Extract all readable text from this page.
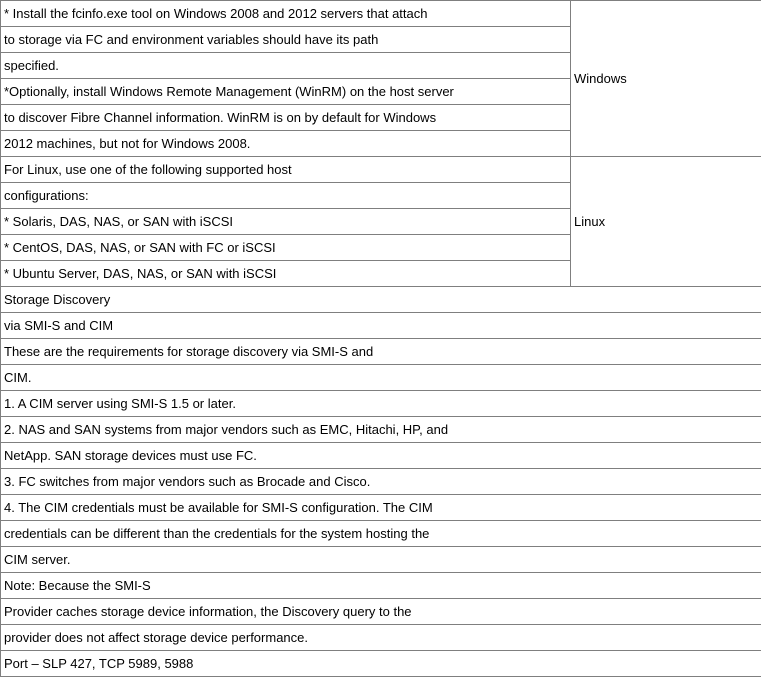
* Install the fcinfo.exe tool on Windows 2008 and 2012 servers that attach	Windows
to storage via FC and environment variables should have its path	
specified.	
*Optionally, install Windows Remote Management (WinRM) on the host server	
to discover Fibre Channel information. WinRM is on by default for Windows	
2012 machines, but not for Windows 2008.	
For Linux, use one of the following supported host	Linux
configurations:	
* Solaris, DAS, NAS, or SAN with iSCSI	
* CentOS, DAS, NAS, or SAN with FC or iSCSI	
* Ubuntu Server, DAS, NAS, or SAN with iSCSI	
Storage Discovery	
via SMI-S and CIM	
These are the requirements for storage discovery via SMI-S and	
CIM.	
1. A CIM server using SMI-S 1.5 or later.	
2. NAS and SAN systems from major vendors such as EMC, Hitachi, HP, and	
NetApp. SAN storage devices must use FC.	
3. FC switches from major vendors such as Brocade and Cisco.	
4. The CIM credentials must be available for SMI-S configuration. The CIM	
credentials can be different than the credentials for the system hosting the	
CIM server.	
Note: Because the SMI-S	
Provider caches storage device information, the Discovery query to the	
provider does not affect storage device performance.	
Port – SLP 427, TCP 5989, 5988	
